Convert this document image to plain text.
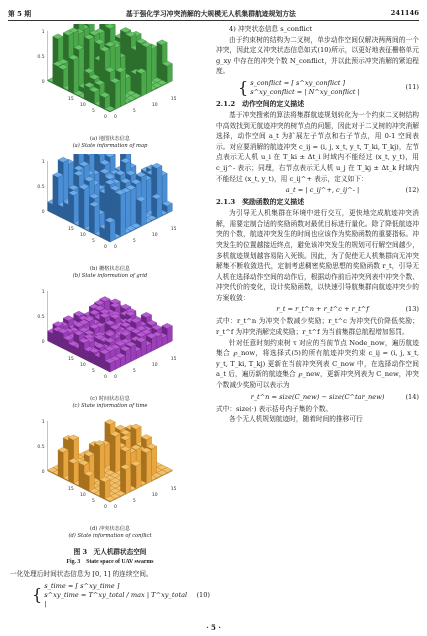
第 5 期	基于强化学习冲突消解的大规模无人机集群航迹规划方法	241146
1
0.5
0
15
15
10
10
5
5
0
0
(a) 地图状态信息
(a) State information of map
1
0.5
0
15
15
10
10
5
5
0
0
(b) 栅格状态信息
(b) State information of grid
1
0.5
0
15
15
10
10
5
5
0
0
(c) 时间状态信息
(c) State information of time
1
0.5
0
15
15
10
10
5
5
0
0
(d) 冲突状态信息
(d) State information of conflict
图 3　无人机群状态空间
Fig. 3　State space of UAV swarms

一化处理后时间状态信息为 [0, 1] 的连续空间。

{ s_time = [ s^xy_time ]
s^xy_time = T^xy_total / max | T^xy_total |
(10)

4) 冲突状态信息 s_conflict

由于约束树的结构为二叉树，单步动作空间仅解决两两间的一个冲突，因此定义冲突状态信息如式(10)所示，以更好地表征栅格单元 g_xy 中存在的冲突个数 N_conflict，并以此预示冲突消解的紧迫程度。

{ s_conflict = [ s^xy_conflict ]
s^xy_conflict = | N^xy_conflict |
(11)

2.1.2　动作空间的定义描述

基于冲突搜索的算法将集群航迹规划转化为一个约束二叉树结构中高效找到无航迹冲突的树节点的问题，因此对于二叉树的冲突消解选择，动作空间 a_t 为扩展左子节点和右子节点，用 0-1 空间表示。对应要消解的航迹冲突 c_ij = (i, j, x_t, y_t, T_ki, T_kj)，左节点表示无人机 u_i 在 T_ki ± Δt_i 时域内不能经过 (x_t, y_t)，用 c_ij^- 表示；同理，右节点表示无人机 u_j 在 T_kj ± Δt_k 时域内不能经过 (x_t, y_t)，用 c_ij^+ 表示，定义如下：

a_t = | c_ij^+, c_ij^- |	(12)

2.1.3　奖励函数的定义描述

为引导无人机集群在环境中进行交互，更快地完成航迹冲突消解，需要定制合适的奖励函数对最优目标进行量化。除了降低航迹冲突的个数，航迹冲突发生的时间也应该作为奖励函数的重要指标。冲突发生的位置越接近终点，避免该冲突发生的规划可行解空间越少，多机航迹规划越容易陷入死锁。因此，为了促使无人机集群向无冲突解集不断收敛迭代，定制考虑稠密奖励思想的奖励函数 r_t，引导无人机在选择动作空间的动作后，根据动作前后冲突列表中冲突个数、冲突代价的变化，设计奖励函数，以快速引导航集群向航迹冲突少的方案收敛：

r_t = r_t^n + r_t^c + r_t^f	(13)

式中：r_t^n 为冲突个数减少奖励；r_t^c 为冲突代价降低奖励；r_t^f 为冲突消解完成奖励；r_t^f 为当前集群总航程增加惩罚。

针对任意时刻约束树 τ 对应的当前节点 Node_now，遍历航迹集合 ℘_now，将选择式(5)的所有航迹冲突约束 c_ij = (i, j, x_t, y_t, T_ki, T_kj) 更新在当前冲突列表 C_now 中，在选择动作空间 a_t 后，遍历新的航迹集合 ℘_new，更新冲突列表为 C_new，冲突个数减少奖励可以表示为

r_t^n = size(C_new) − size(C^tar_new)	(14)

式中：size(·) 表示括号内子集的个数。

各个无人机规划航迹时，随着时间的推移可行

· 5 ·
